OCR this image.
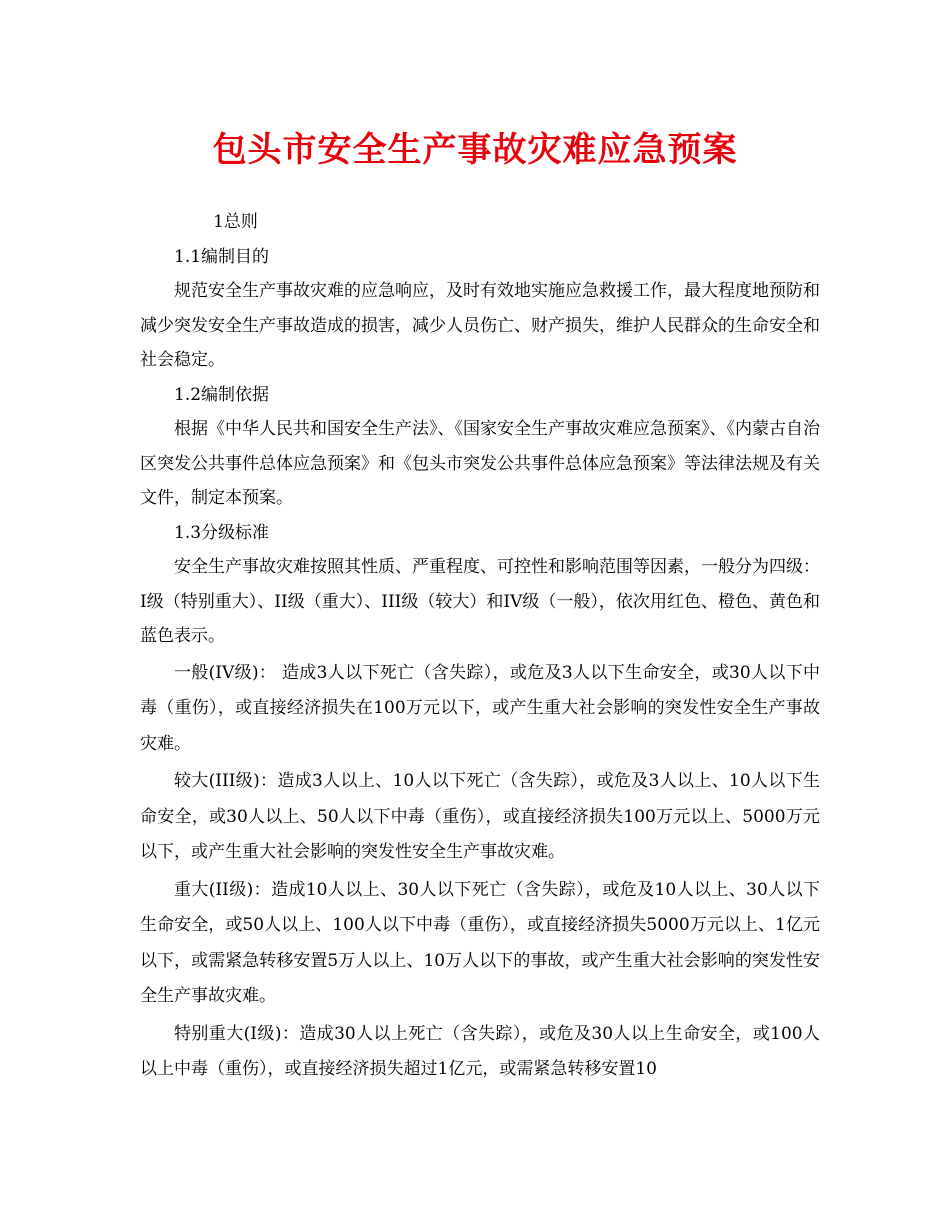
包头市安全生产事故灾难应急预案

1总则

1.1编制目的

规范安全生产事故灾难的应急响应，及时有效地实施应急救援工作，最大程度地预防和减少突发安全生产事故造成的损害，减少人员伤亡、财产损失，维护人民群众的生命安全和社会稳定。

1.2编制依据

根据《中华人民共和国安全生产法》、《国家安全生产事故灾难应急预案》、《内蒙古自治区突发公共事件总体应急预案》和《包头市突发公共事件总体应急预案》等法律法规及有关文件，制定本预案。

1.3分级标准

安全生产事故灾难按照其性质、严重程度、可控性和影响范围等因素，一般分为四级：I级（特别重大）、II级（重大）、III级（较大）和IV级（一般），依次用红色、橙色、黄色和蓝色表示。

一般(IV级)： 造成3人以下死亡（含失踪），或危及3人以下生命安全，或30人以下中毒（重伤），或直接经济损失在100万元以下，或产生重大社会影响的突发性安全生产事故灾难。

较大(III级)：造成3人以上、10人以下死亡（含失踪），或危及3人以上、10人以下生命安全，或30人以上、50人以下中毒（重伤），或直接经济损失100万元以上、5000万元以下，或产生重大社会影响的突发性安全生产事故灾难。

重大(II级)：造成10人以上、30人以下死亡（含失踪），或危及10人以上、30人以下生命安全，或50人以上、100人以下中毒（重伤），或直接经济损失5000万元以上、1亿元以下，或需紧急转移安置5万人以上、10万人以下的事故，或产生重大社会影响的突发性安全生产事故灾难。

特别重大(I级)：造成30人以上死亡（含失踪），或危及30人以上生命安全，或100人以上中毒（重伤），或直接经济损失超过1亿元，或需紧急转移安置10
